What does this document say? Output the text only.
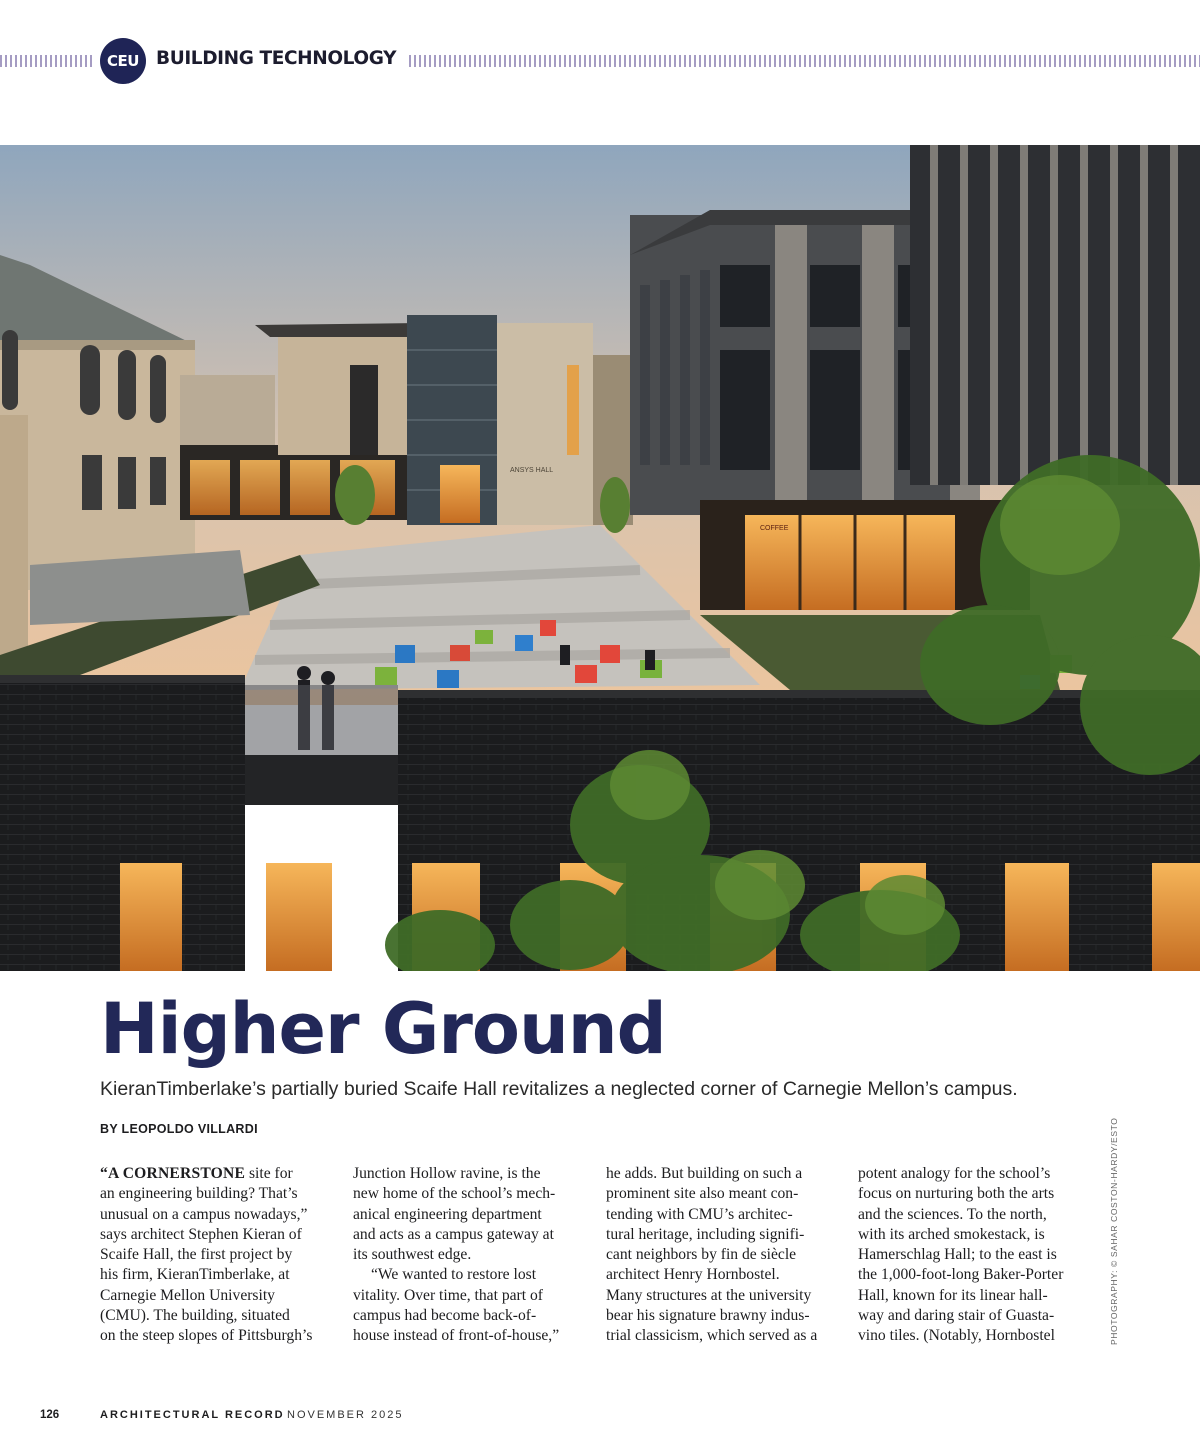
CEU BUILDING TECHNOLOGY
ANSYS HALL
COFFEE
Higher Ground
KieranTimberlake’s partially buried Scaife Hall revitalizes a neglected corner of Carnegie Mellon’s campus.
BY LEOPOLDO VILLARDI	PHOTOGRAPHY: © SAHAR COSTON-HARDY/ESTO
“A CORNERSTONE site for
an engineering building? That’s
unusual on a campus nowadays,”
says architect Stephen Kieran of
Scaife Hall, the first project by
his firm, KieranTimberlake, at
Carnegie Mellon University
(CMU). The building, situated
on the steep slopes of Pittsburgh’s
Junction Hollow ravine, is the
new home of the school’s mech-
anical engineering department
and acts as a campus gateway at
its southwest edge.
“We wanted to restore lost
vitality. Over time, that part of
campus had become back-of-
house instead of front-of-house,”
he adds. But building on such a
prominent site also meant con-
tending with CMU’s architec-
tural heritage, including signifi-
cant neighbors by fin de siècle
architect Henry Hornbostel.
Many structures at the university
bear his signature brawny indus-
trial classicism, which served as a
potent analogy for the school’s
focus on nurturing both the arts
and the sciences. To the north,
with its arched smokestack, is
Hamerschlag Hall; to the east is
the 1,000-foot-long Baker-Porter
Hall, known for its linear hall-
way and daring stair of Guasta-
vino tiles. (Notably, Hornbostel
126	ARCHITECTURAL RECORD NOVEMBER 2025
